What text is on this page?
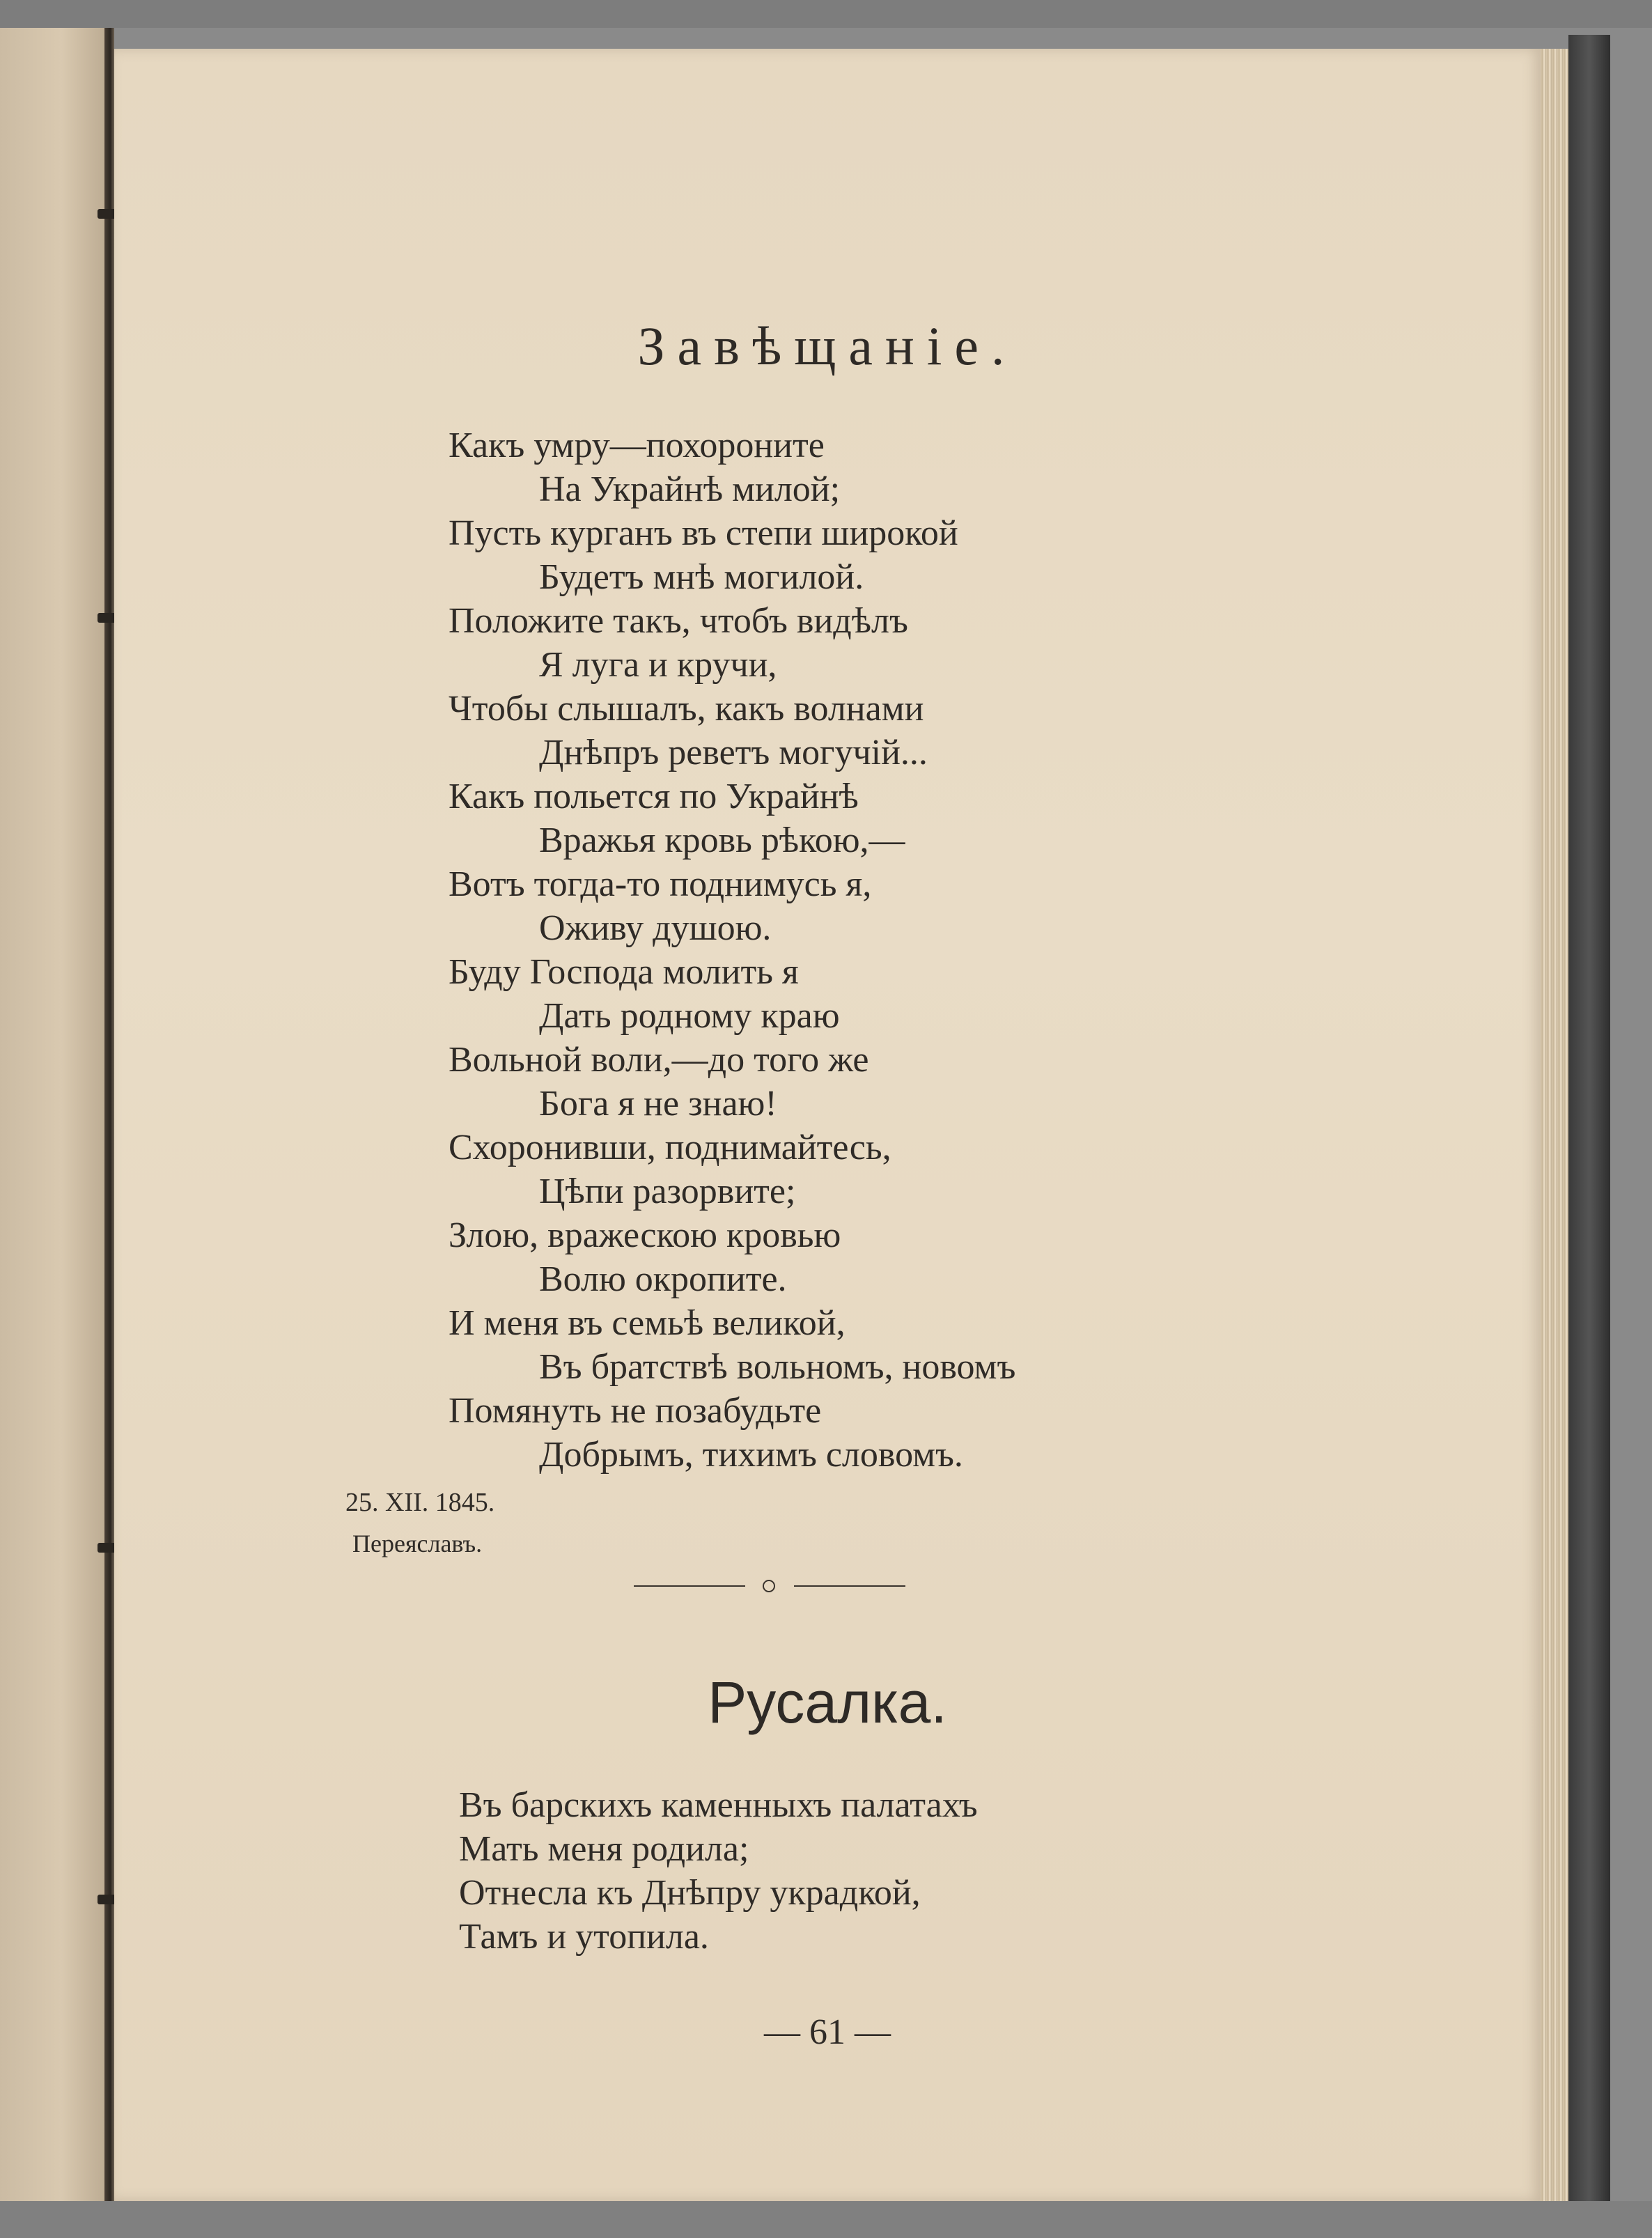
Завѣщаніе.
Какъ умру—похороните
На Украйнѣ милой;
Пусть курганъ въ степи широкой
Будетъ мнѣ могилой.
Положите такъ, чтобъ видѣлъ
Я луга и кручи,
Чтобы слышалъ, какъ волнами
Днѣпръ реветъ могучій...
Какъ польется по Украйнѣ
Вражья кровь рѣкою,—
Вотъ тогда-то поднимусь я,
Оживу душою.
Буду Господа молить я
Дать родному краю
Вольной воли,—до того же
Бога я не знаю!
Схоронивши, поднимайтесь,
Цѣпи разорвите;
Злою, вражескою кровью
Волю окропите.
И меня въ семьѣ великой,
Въ братствѣ вольномъ, новомъ
Помянуть не позабудьте
Добрымъ, тихимъ словомъ.
25. XII. 1845.
Переяславъ.
Русалка.
Въ барскихъ каменныхъ палатахъ
Мать меня родила;
Отнесла къ Днѣпру украдкой,
Тамъ и утопила.
— 61 —
